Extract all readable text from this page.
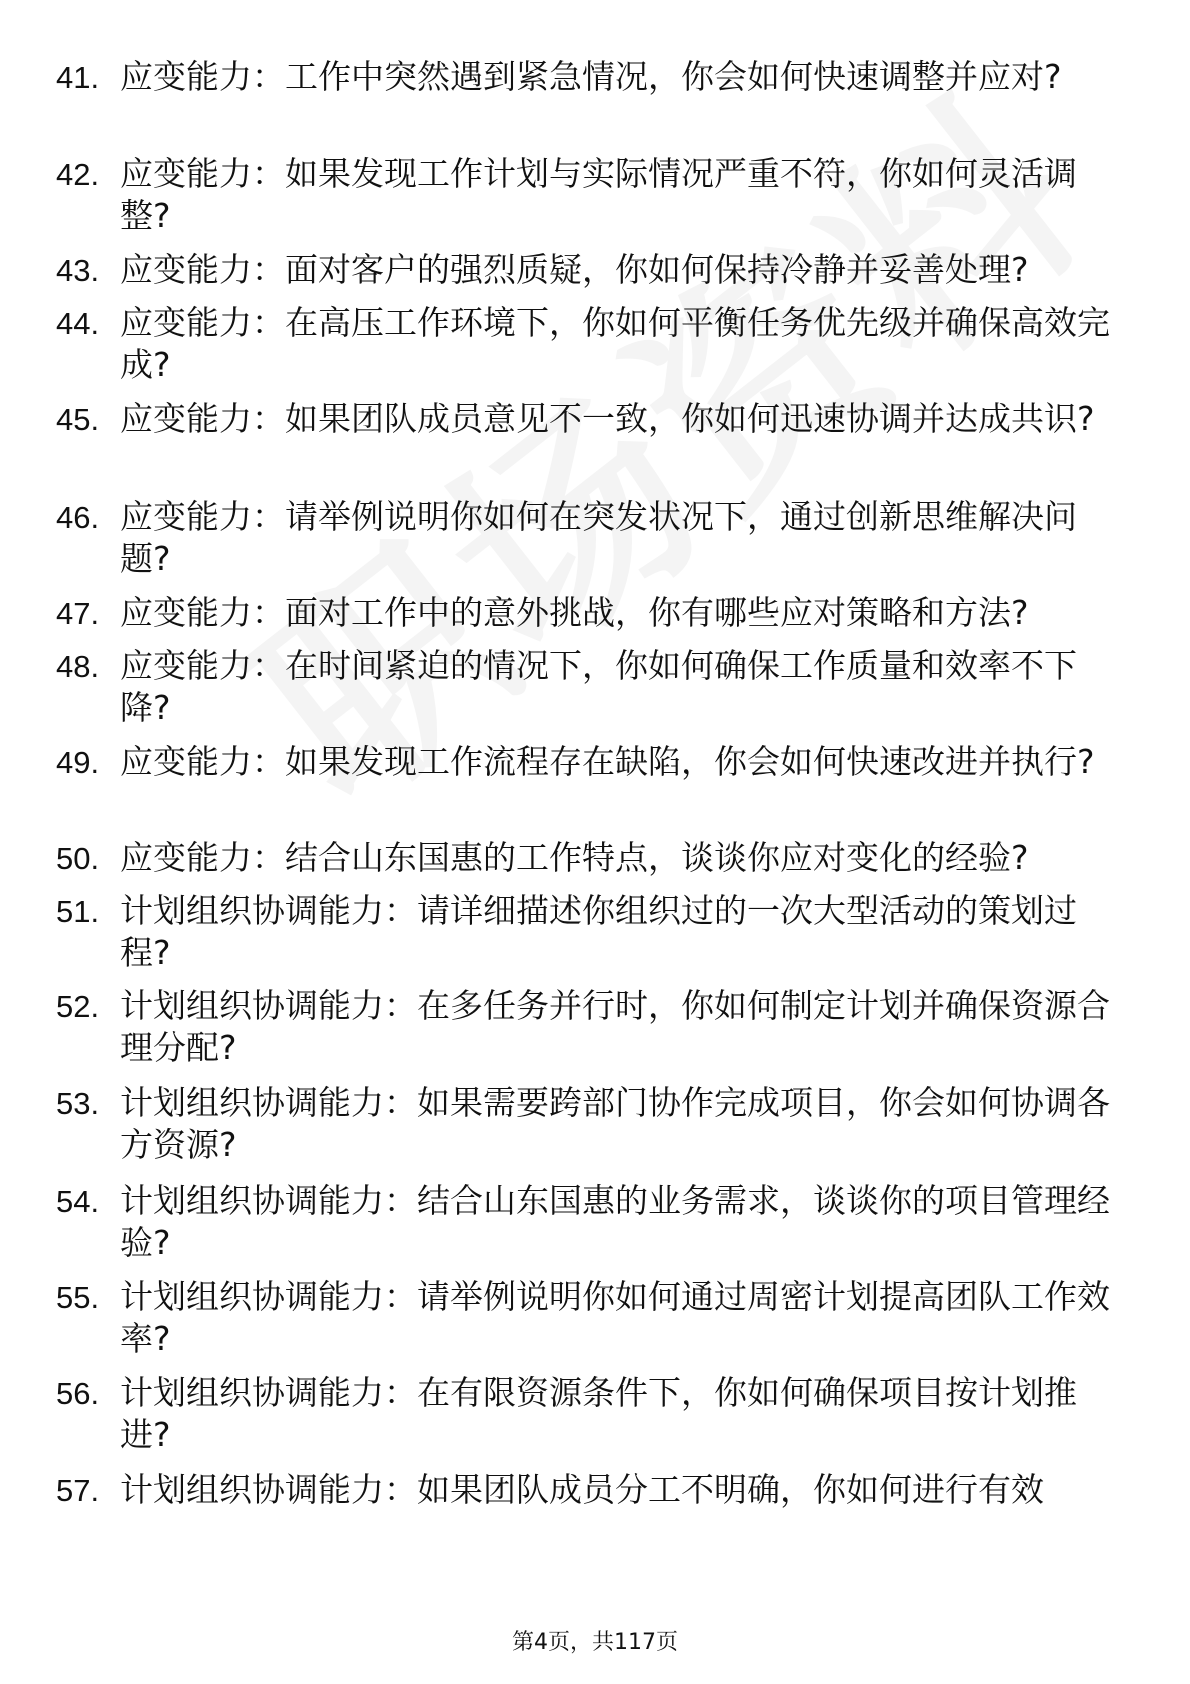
41. 应变能力：工作中突然遇到紧急情况，你会如何快速调整并应对?
42. 应变能力：如果发现工作计划与实际情况严重不符，你如何灵活调整?
43. 应变能力：面对客户的强烈质疑，你如何保持冷静并妥善处理?
44. 应变能力：在高压工作环境下，你如何平衡任务优先级并确保高效完成?
45. 应变能力：如果团队成员意见不一致，你如何迅速协调并达成共识?
46. 应变能力：请举例说明你如何在突发状况下，通过创新思维解决问题?
47. 应变能力：面对工作中的意外挑战，你有哪些应对策略和方法?
48. 应变能力：在时间紧迫的情况下，你如何确保工作质量和效率不下降?
49. 应变能力：如果发现工作流程存在缺陷，你会如何快速改进并执行?
50. 应变能力：结合山东国惠的工作特点，谈谈你应对变化的经验?
51. 计划组织协调能力：请详细描述你组织过的一次大型活动的策划过程?
52. 计划组织协调能力：在多任务并行时，你如何制定计划并确保资源合理分配?
53. 计划组织协调能力：如果需要跨部门协作完成项目，你会如何协调各方资源?
54. 计划组织协调能力：结合山东国惠的业务需求，谈谈你的项目管理经验?
55. 计划组织协调能力：请举例说明你如何通过周密计划提高团队工作效率?
56. 计划组织协调能力：在有限资源条件下，你如何确保项目按计划推进?
57. 计划组织协调能力：如果团队成员分工不明确，你如何进行有效
第4页，共117页
